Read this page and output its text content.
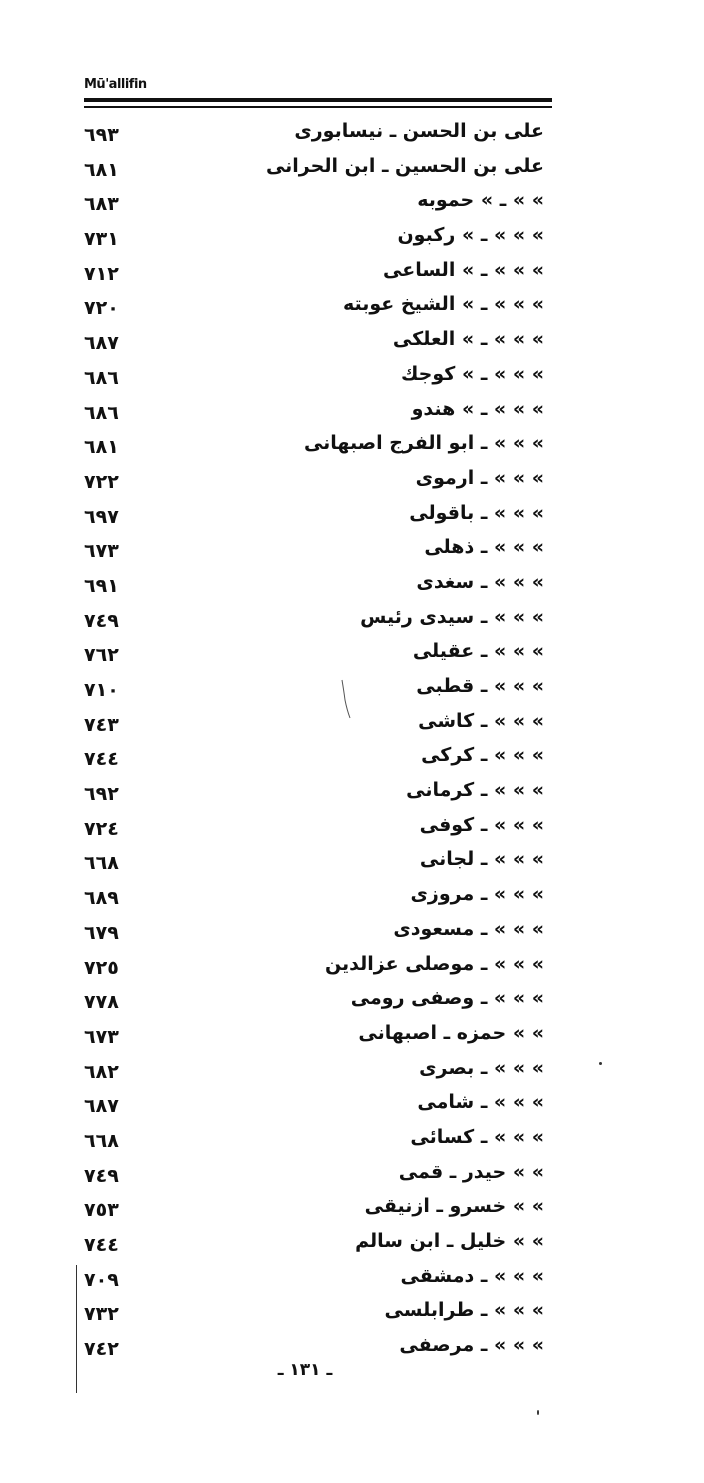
Mū'allifin
٦٩٣	على بن الحسن ـ نيسابورى
٦٨١	على بن الحسين ـ ابن الحرانى
٦٨٣	» » ـ » حموبه
٧٣١	» » » ـ » ركبون
٧١٢	» » » ـ » الساعى
٧٢٠	» » » ـ » الشيخ عوبته
٦٨٧	» » » ـ » العلكى
٦٨٦	» » » ـ » كوجك
٦٨٦	» » » ـ » هندو
٦٨١	» » » ـ ابو الفرج اصبهانى
٧٢٢	» » » ـ ارموى
٦٩٧	» » » ـ باقولى
٦٧٣	» » » ـ ذهلى
٦٩١	» » » ـ سغدى
٧٤٩	» » » ـ سيدى رئيس
٧٦٢	» » » ـ عقيلى
٧١٠	» » » ـ قطبى
٧٤٣	» » » ـ كاشى
٧٤٤	» » » ـ كركى
٦٩٢	» » » ـ كرمانى
٧٢٤	» » » ـ كوفى
٦٦٨	» » » ـ لجانى
٦٨٩	» » » ـ مروزى
٦٧٩	» » » ـ مسعودى
٧٢٥	» » » ـ موصلى عزالدين
٧٧٨	» » » ـ وصفى رومى
٦٧٣	» » حمزه ـ اصبهانى
٦٨٢	» » » ـ بصرى
٦٨٧	» » » ـ شامى
٦٦٨	» » » ـ كسائى
٧٤٩	» » حيدر ـ قمى
٧٥٣	» » خسرو ـ ازنيقى
٧٤٤	» » خليل ـ ابن سالم
٧٠٩	» » » ـ دمشقى
٧٣٢	» » » ـ طرابلسى
٧٤٢	» » » ـ مرصفى
ـ ١٣١ ـ
